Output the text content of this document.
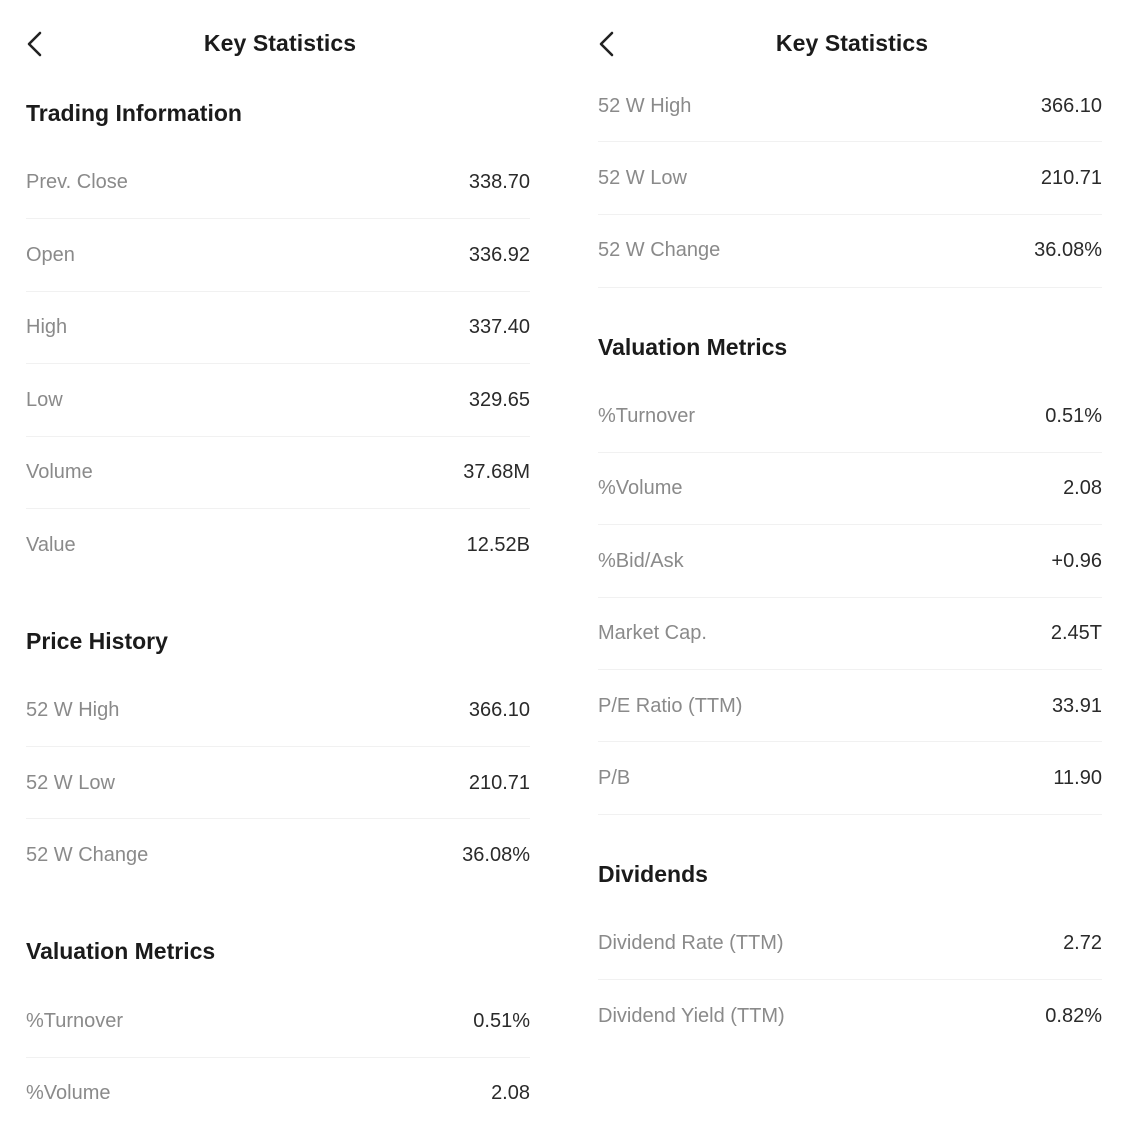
Key Statistics
Trading Information
Prev. Close	338.70
Open	336.92
High	337.40
Low	329.65
Volume	37.68M
Value	12.52B
Price History
52 W High	366.10
52 W Low	210.71
52 W Change	36.08%
Valuation Metrics
%Turnover	0.51%
%Volume	2.08
Key Statistics
52 W High	366.10
52 W Low	210.71
52 W Change	36.08%
Valuation Metrics
%Turnover	0.51%
%Volume	2.08
%Bid/Ask	+0.96
Market Cap.	2.45T
P/E Ratio (TTM)	33.91
P/B	11.90
Dividends
Dividend Rate (TTM)	2.72
Dividend Yield (TTM)	0.82%
